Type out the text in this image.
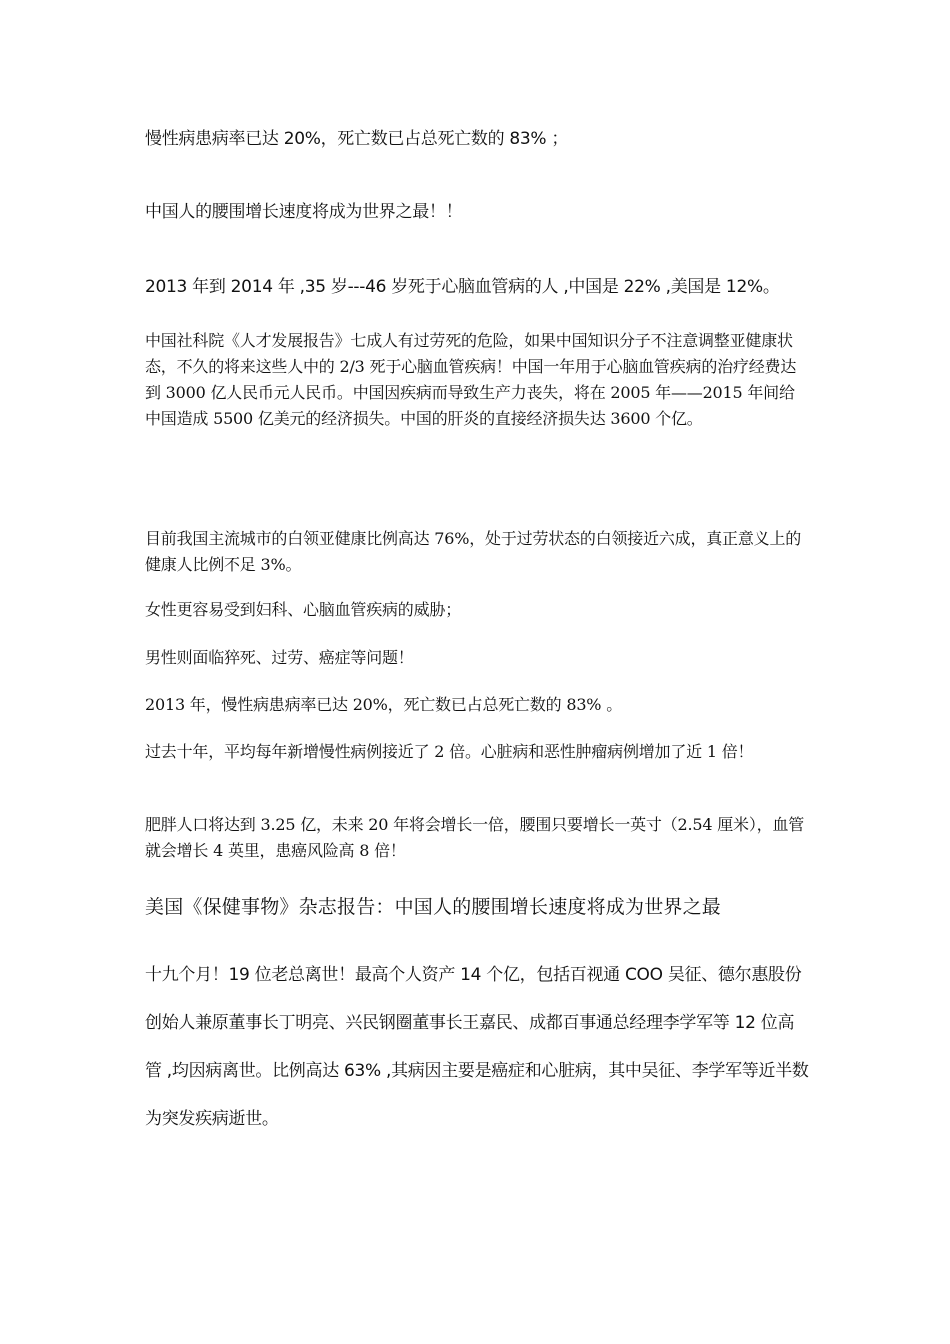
慢性病患病率已达 20%，死亡数已占总死亡数的 83% ；

中国人的腰围增长速度将成为世界之最！！

2013 年到 2014 年 ,35 岁---46 岁死于心脑血管病的人 ,中国是 22% ,美国是 12%。

中国社科院《人才发展报告》七成人有过劳死的危险，如果中国知识分子不注意调整亚健康状态，不久的将来这些人中的 2/3 死于心脑血管疾病！中国一年用于心脑血管疾病的治疗经费达到 3000 亿人民币元人民币。中国因疾病而导致生产力丧失，将在 2005 年——2015 年间给中国造成 5500 亿美元的经济损失。中国的肝炎的直接经济损失达 3600 个亿。

目前我国主流城市的白领亚健康比例高达 76%，处于过劳状态的白领接近六成，真正意义上的健康人比例不足 3%。

女性更容易受到妇科、心脑血管疾病的威胁；

男性则面临猝死、过劳、癌症等问题！

2013 年，慢性病患病率已达 20%，死亡数已占总死亡数的 83% 。

过去十年，平均每年新增慢性病例接近了 2 倍。心脏病和恶性肿瘤病例增加了近 1 倍！

肥胖人口将达到 3.25 亿，未来 20 年将会增长一倍，腰围只要增长一英寸（2.54 厘米），血管就会增长 4 英里，患癌风险高 8 倍！

美国《保健事物》杂志报告：中国人的腰围增长速度将成为世界之最

十九个月！19 位老总离世！最高个人资产 14 个亿，包括百视通 COO 吴征、德尔惠股份创始人兼原董事长丁明亮、兴民钢圈董事长王嘉民、成都百事通总经理李学军等 12 位高管 ,均因病离世。比例高达 63% ,其病因主要是癌症和心脏病，其中吴征、李学军等近半数为突发疾病逝世。
